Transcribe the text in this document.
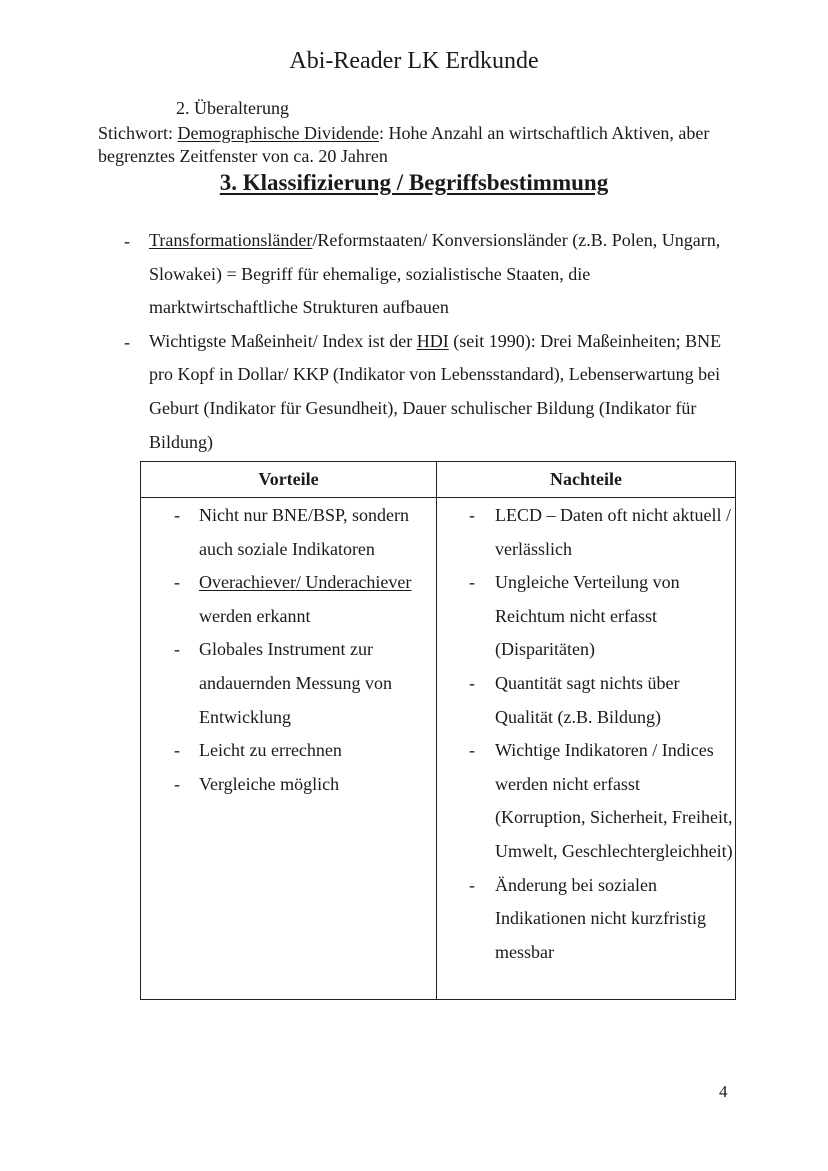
Abi-Reader LK Erdkunde
2. Überalterung
Stichwort: Demographische Dividende: Hohe Anzahl an wirtschaftlich Aktiven, aber begrenztes Zeitfenster von ca. 20 Jahren
3. Klassifizierung / Begriffsbestimmung
- Transformationsländer/Reformstaaten/ Konversionsländer (z.B. Polen, Ungarn, Slowakei) = Begriff für ehemalige, sozialistische Staaten, die marktwirtschaftliche Strukturen aufbauen
- Wichtigste Maßeinheit/ Index ist der HDI (seit 1990): Drei Maßeinheiten; BNE pro Kopf in Dollar/ KKP (Indikator von Lebensstandard), Lebenserwartung bei Geburt (Indikator für Gesundheit), Dauer schulischer Bildung (Indikator für Bildung)
Vorteile	Nachteile
- Nicht nur BNE/BSP, sondern auch soziale Indikatoren
- Overachiever/ Underachiever werden erkannt
- Globales Instrument zur andauernden Messung von Entwicklung
- Leicht zu errechnen
- Vergleiche möglich
- LECD – Daten oft nicht aktuell / verlässlich
- Ungleiche Verteilung von Reichtum nicht erfasst (Disparitäten)
- Quantität sagt nichts über Qualität (z.B. Bildung)
- Wichtige Indikatoren / Indices werden nicht erfasst (Korruption, Sicherheit, Freiheit, Umwelt, Geschlechtergleichheit)
- Änderung bei sozialen Indikationen nicht kurzfristig messbar
4
